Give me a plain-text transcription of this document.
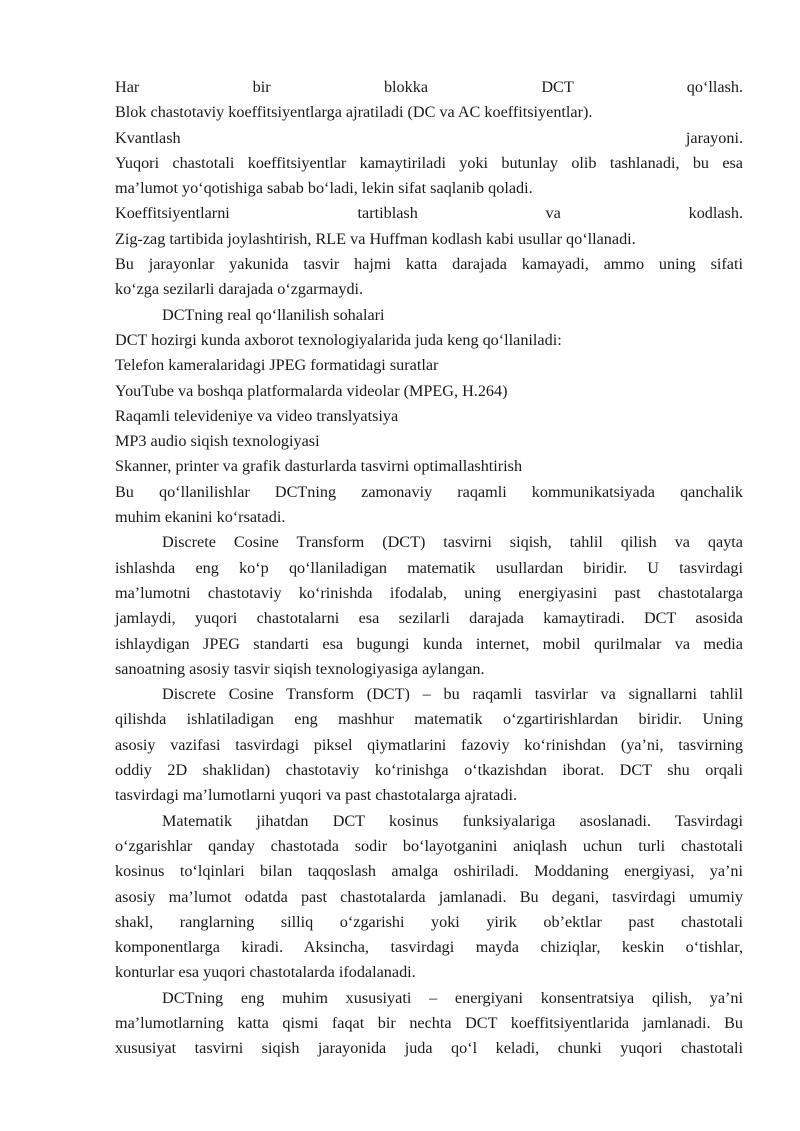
Har bir blokka DCT qo‘llash.
Blok chastotaviy koeffitsiyentlarga ajratiladi (DC va AC koeffitsiyentlar).
Kvantlash jarayoni.
Yuqori chastotali koeffitsiyentlar kamaytiriladi yoki butunlay olib tashlanadi, bu esa
ma’lumot yo‘qotishiga sabab bo‘ladi, lekin sifat saqlanib qoladi.
Koeffitsiyentlarni tartiblash va kodlash.
Zig-zag tartibida joylashtirish, RLE va Huffman kodlash kabi usullar qo‘llanadi.
Bu jarayonlar yakunida tasvir hajmi katta darajada kamayadi, ammo uning sifati
ko‘zga sezilarli darajada o‘zgarmaydi.
DCTning real qo‘llanilish sohalari
DCT hozirgi kunda axborot texnologiyalarida juda keng qo‘llaniladi:
Telefon kameralaridagi JPEG formatidagi suratlar
YouTube va boshqa platformalarda videolar (MPEG, H.264)
Raqamli televideniye va video translyatsiya
MP3 audio siqish texnologiyasi
Skanner, printer va grafik dasturlarda tasvirni optimallashtirish
Bu qo‘llanilishlar DCTning zamonaviy raqamli kommunikatsiyada qanchalik
muhim ekanini ko‘rsatadi.
Discrete Cosine Transform (DCT) tasvirni siqish, tahlil qilish va qayta
ishlashda eng ko‘p qo‘llaniladigan matematik usullardan biridir. U tasvirdagi
ma’lumotni chastotaviy ko‘rinishda ifodalab, uning energiyasini past chastotalarga
jamlaydi, yuqori chastotalarni esa sezilarli darajada kamaytiradi. DCT asosida
ishlaydigan JPEG standarti esa bugungi kunda internet, mobil qurilmalar va media
sanoatning asosiy tasvir siqish texnologiyasiga aylangan.
Discrete Cosine Transform (DCT) – bu raqamli tasvirlar va signallarni tahlil
qilishda ishlatiladigan eng mashhur matematik o‘zgartirishlardan biridir. Uning
asosiy vazifasi tasvirdagi piksel qiymatlarini fazoviy ko‘rinishdan (ya’ni, tasvirning
oddiy 2D shaklidan) chastotaviy ko‘rinishga o‘tkazishdan iborat. DCT shu orqali
tasvirdagi ma’lumotlarni yuqori va past chastotalarga ajratadi.
Matematik jihatdan DCT kosinus funksiyalariga asoslanadi. Tasvirdagi
o‘zgarishlar qanday chastotada sodir bo‘layotganini aniqlash uchun turli chastotali
kosinus to‘lqinlari bilan taqqoslash amalga oshiriladi. Moddaning energiyasi, ya’ni
asosiy ma’lumot odatda past chastotalarda jamlanadi. Bu degani, tasvirdagi umumiy
shakl, ranglarning silliq o‘zgarishi yoki yirik ob’ektlar past chastotali
komponentlarga kiradi. Aksincha, tasvirdagi mayda chiziqlar, keskin o‘tishlar,
konturlar esa yuqori chastotalarda ifodalanadi.
DCTning eng muhim xususiyati – energiyani konsentratsiya qilish, ya’ni
ma’lumotlarning katta qismi faqat bir nechta DCT koeffitsiyentlarida jamlanadi. Bu
xususiyat tasvirni siqish jarayonida juda qo‘l keladi, chunki yuqori chastotali
